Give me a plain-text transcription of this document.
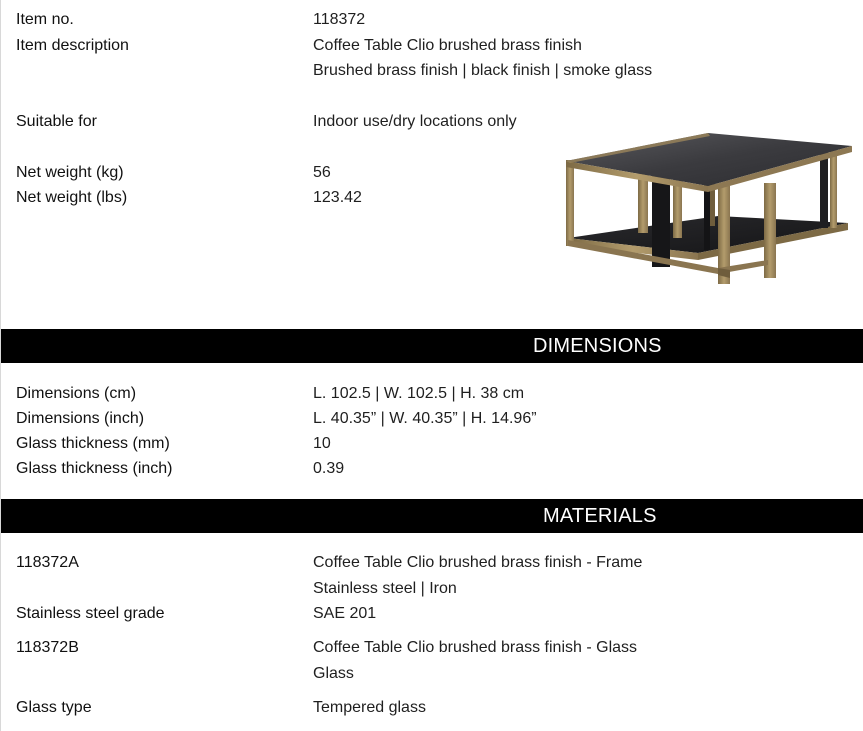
Item no.	118372
Item description	Coffee Table Clio brushed brass finish
Brushed brass finish | black finish | smoke glass
Suitable for	Indoor use/dry locations only
Net weight (kg)	56
Net weight (lbs)	123.42
DIMENSIONS
Dimensions (cm)	L. 102.5 | W. 102.5 | H. 38 cm
Dimensions (inch)	L. 40.35” | W. 40.35” | H. 14.96”
Glass thickness (mm)	10
Glass thickness (inch)	0.39
MATERIALS
118372A	Coffee Table Clio brushed brass finish - Frame
Stainless steel | Iron
Stainless steel grade	SAE 201
118372B	Coffee Table Clio brushed brass finish - Glass
Glass
Glass type	Tempered glass
